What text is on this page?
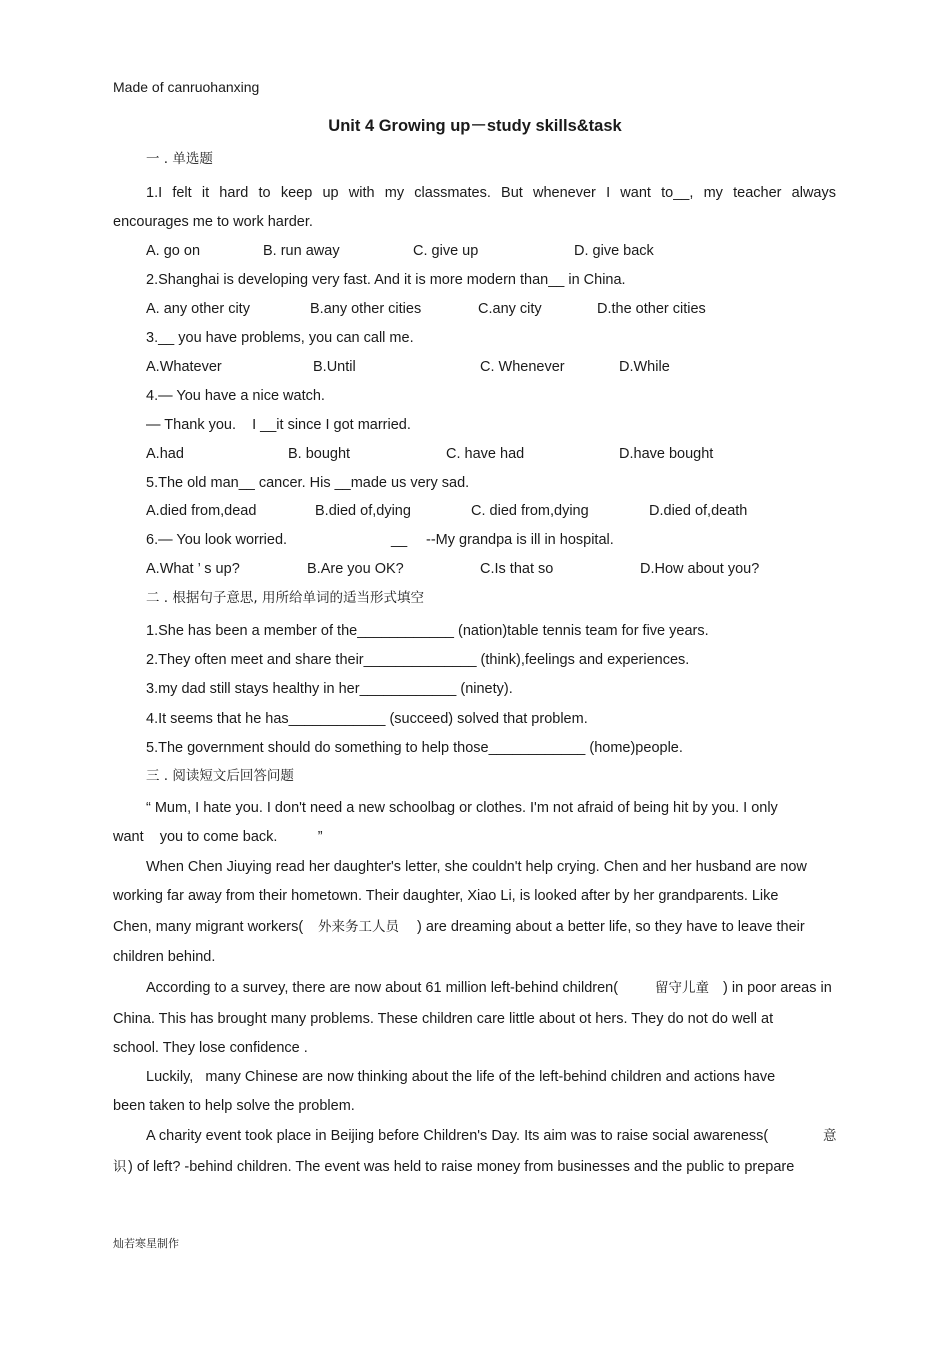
Made of canruohanxing
Unit 4 Growing up－study skills&task
一 . 单选题
1.I felt it hard to keep up with my classmates. But whenever I want to__, my teacher always
encourages me to work harder.
A. go on	B. run away	C. give up	D. give back
2.Shanghai is developing very fast. And it is more modern than__ in China.
A. any other city	B.any other cities	C.any city	D.the other cities
3.__ you have problems, you can call me.
A.Whatever	B.Until	C. Whenever	D.While
4.— You have a nice watch.
— Thank you.    I __it since I got married.
A.had	B. bought	C. have had	D.have bought
5.The old man__ cancer. His __made us very sad.
A.died from,dead	B.died of,dying	C. died from,dying	D.died of,death
6.— You look worried.	__ --My grandpa is ill in hospital.
A.What ’ s up?	B.Are you OK?	C.Is that so	D.How about you?
二 . 根据句子意思, 用所给单词的适当形式填空
1.She has been a member of the____________ (nation)table tennis team for five years.
2.They often meet and share their______________ (think),feelings and experiences.
3.my dad still stays healthy in her____________ (ninety).
4.It seems that he has____________ (succeed) solved that problem.
5.The government should do something to help those____________ (home)people.
三 . 阅读短文后回答问题
“ Mum, I hate you. I don't need a new schoolbag or clothes. I'm not afraid of being hit by you. I only
want    you to come back.          ”
When Chen Jiuying read her daughter's letter, she couldn't help crying. Chen and her husband are now
working far away from their hometown. Their daughter, Xiao Li, is looked after by her grandparents. Like
Chen, many migrant workers( 外来务工人员 ) are dreaming about a better life, so they have to leave their
children behind.
According to a survey, there are now about 61 million left-behind children(	留守儿童 ) in poor areas in
China. This has brought many problems. These children care little about ot hers. They do not do well at
school. They lose confidence .
Luckily,   many Chinese are now thinking about the life of the left-behind children and actions have
been taken to help solve the problem.
A charity event took place in Beijing before Children's Day. Its aim was to raise social awareness(	意
识 ) of left? -behind children. The event was held to raise money from businesses and the public to prepare
灿若寒星制作
